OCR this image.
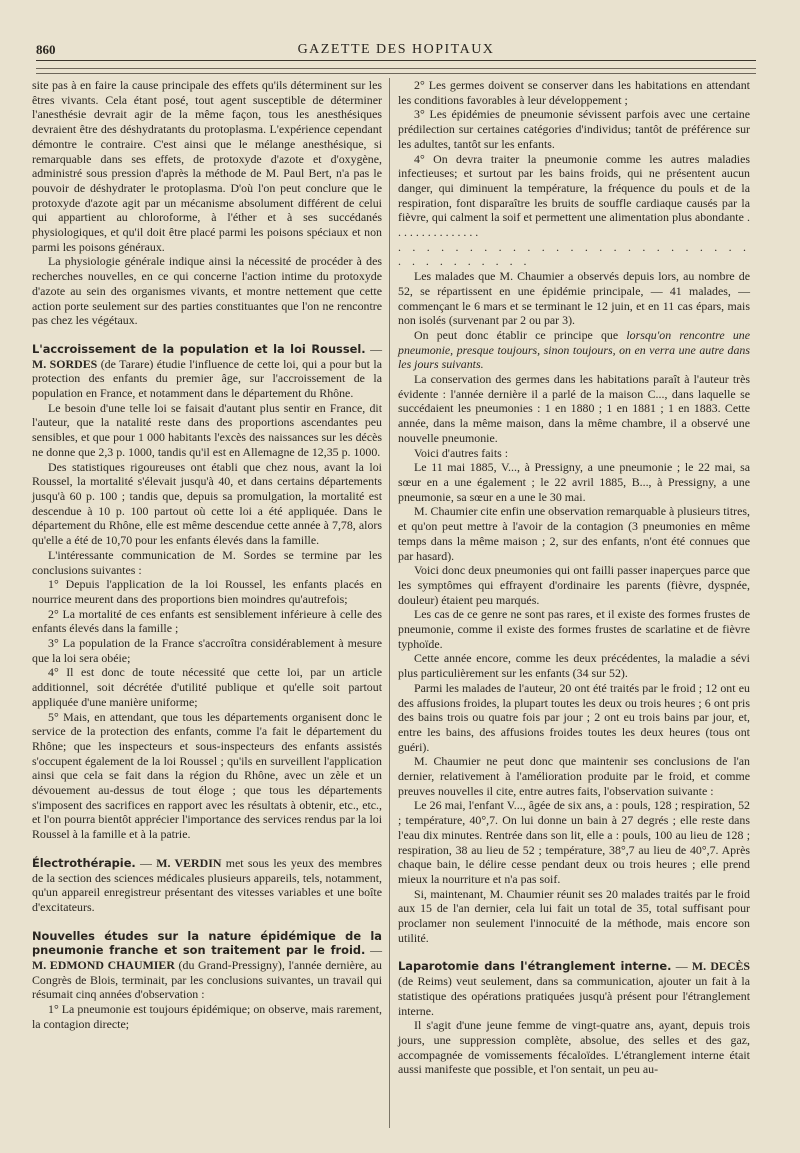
860	GAZETTE DES HOPITAUX

site pas à en faire la cause principale des effets qu'ils déterminent sur les êtres vivants. Cela étant posé, tout agent susceptible de déterminer l'anesthésie devrait agir de la même façon, tous les anesthésiques devraient être des déshydratants du protoplasma. L'expérience cependant démontre le contraire. C'est ainsi que le mélange anesthésique, si remarquable dans ses effets, de protoxyde d'azote et d'oxygène, administré sous pression d'après la méthode de M. Paul Bert, n'a pas le pouvoir de déshydrater le protoplasma. D'où l'on peut conclure que le protoxyde d'azote agit par un mécanisme absolument différent de celui qui appartient au chloroforme, à l'éther et à ses succédanés physiologiques, et qu'il doit être placé parmi les poisons spéciaux et non parmi les poisons généraux.

La physiologie générale indique ainsi la nécessité de procéder à des recherches nouvelles, en ce qui concerne l'action intime du protoxyde d'azote au sein des organismes vivants, et montre nettement que cette action porte seulement sur des parties constituantes que l'on ne rencontre pas chez les végétaux.

L'accroissement de la population et la loi Roussel. — M. SORDES (de Tarare) étudie l'influence de cette loi, qui a pour but la protection des enfants du premier âge, sur l'accroissement de la population en France, et notamment dans le département du Rhône.

Le besoin d'une telle loi se faisait d'autant plus sentir en France, dit l'auteur, que la natalité reste dans des proportions ascendantes peu sensibles, et que pour 1 000 habitants l'excès des naissances sur les décès ne donne que 2,3 p. 1000, tandis qu'il est en Allemagne de 12,35 p. 1000.

Des statistiques rigoureuses ont établi que chez nous, avant la loi Roussel, la mortalité s'élevait jusqu'à 40, et dans certains départements jusqu'à 60 p. 100 ; tandis que, depuis sa promulgation, la mortalité est descendue à 10 p. 100 partout où cette loi a été appliquée. Dans le département du Rhône, elle est même descendue cette année à 7,78, alors qu'elle a été de 10,70 pour les enfants élevés dans la famille.

L'intéressante communication de M. Sordes se termine par les conclusions suivantes :

1° Depuis l'application de la loi Roussel, les enfants placés en nourrice meurent dans des proportions bien moindres qu'autrefois;

2° La mortalité de ces enfants est sensiblement inférieure à celle des enfants élevés dans la famille ;

3° La population de la France s'accroîtra considérablement à mesure que la loi sera obéie;

4° Il est donc de toute nécessité que cette loi, par un article additionnel, soit décrétée d'utilité publique et qu'elle soit partout appliquée d'une manière uniforme;

5° Mais, en attendant, que tous les départements organisent donc le service de la protection des enfants, comme l'a fait le département du Rhône; que les inspecteurs et sous-inspecteurs des enfants assistés s'occupent également de la loi Roussel ; qu'ils en surveillent l'application ainsi que cela se fait dans la région du Rhône, avec un zèle et un dévouement au-dessus de tout éloge ; que tous les départements s'imposent des sacrifices en rapport avec les résultats à obtenir, etc., etc., et l'on pourra bientôt apprécier l'importance des services rendus par la loi Roussel à la famille et à la patrie.

Électrothérapie. — M. VERDIN met sous les yeux des membres de la section des sciences médicales plusieurs appareils, tels, notamment, qu'un appareil enregistreur présentant des vitesses variables et une boîte d'excitateurs.

Nouvelles études sur la nature épidémique de la pneumonie franche et son traitement par le froid. — M. EDMOND CHAUMIER (du Grand-Pressigny), l'année dernière, au Congrès de Blois, terminait, par les conclusions suivantes, un travail qui résumait cinq années d'observation :

1° La pneumonie est toujours épidémique; on observe, mais rarement, la contagion directe;

2° Les germes doivent se conserver dans les habitations en attendant les conditions favorables à leur développement ;

3° Les épidémies de pneumonie sévissent parfois avec une certaine prédilection sur certaines catégories d'individus; tantôt de préférence sur les adultes, tantôt sur les enfants.

4° On devra traiter la pneumonie comme les autres maladies infectieuses; et surtout par les bains froids, qui ne présentent aucun danger, qui diminuent la température, la fréquence du pouls et de la respiration, font disparaître les bruits de souffle cardiaque causés par la fièvre, qui calment la soif et permettent une alimentation plus abondante . . . . . . . . . . . . . . .

. . . . . . . . . . . . . . . . . . . . . . . . . . . . . . . . . . .

Les malades que M. Chaumier a observés depuis lors, au nombre de 52, se répartissent en une épidémie principale, — 41 malades, — commençant le 6 mars et se terminant le 12 juin, et en 11 cas épars, mais non isolés (survenant par 2 ou par 3).

On peut donc établir ce principe que lorsqu'on rencontre une pneumonie, presque toujours, sinon toujours, on en verra une autre dans les jours suivants.

La conservation des germes dans les habitations paraît à l'auteur très évidente : l'année dernière il a parlé de la maison C..., dans laquelle se succédaient les pneumonies : 1 en 1880 ; 1 en 1881 ; 1 en 1883. Cette année, dans la même maison, dans la même chambre, il a observé une nouvelle pneumonie.

Voici d'autres faits :

Le 11 mai 1885, V..., à Pressigny, a une pneumonie ; le 22 mai, sa sœur en a une également ; le 22 avril 1885, B..., à Pressigny, a une pneumonie, sa sœur en a une le 30 mai.

M. Chaumier cite enfin une observation remarquable à plusieurs titres, et qu'on peut mettre à l'avoir de la contagion (3 pneumonies en même temps dans la même maison ; 2, sur des enfants, n'ont été connues que par hasard).

Voici donc deux pneumonies qui ont failli passer inaperçues parce que les symptômes qui effrayent d'ordinaire les parents (fièvre, dyspnée, douleur) étaient peu marqués.

Les cas de ce genre ne sont pas rares, et il existe des formes frustes de pneumonie, comme il existe des formes frustes de scarlatine et de fièvre typhoïde.

Cette année encore, comme les deux précédentes, la maladie a sévi plus particulièrement sur les enfants (34 sur 52).

Parmi les malades de l'auteur, 20 ont été traités par le froid ; 12 ont eu des affusions froides, la plupart toutes les deux ou trois heures ; 6 ont pris des bains trois ou quatre fois par jour ; 2 ont eu trois bains par jour, et, entre les bains, des affusions froides toutes les deux heures (tous ont guéri).

M. Chaumier ne peut donc que maintenir ses conclusions de l'an dernier, relativement à l'amélioration produite par le froid, et comme preuves nouvelles il cite, entre autres faits, l'observation suivante :

Le 26 mai, l'enfant V..., âgée de six ans, a : pouls, 128 ; respiration, 52 ; température, 40°,7. On lui donne un bain à 27 degrés ; elle reste dans l'eau dix minutes. Rentrée dans son lit, elle a : pouls, 100 au lieu de 128 ; respiration, 38 au lieu de 52 ; température, 38°,7 au lieu de 40°,7. Après chaque bain, le délire cesse pendant deux ou trois heures ; elle prend mieux la nourriture et n'a pas soif.

Si, maintenant, M. Chaumier réunit ses 20 malades traités par le froid aux 15 de l'an dernier, cela lui fait un total de 35, total suffisant pour proclamer non seulement l'innocuité de la méthode, mais encore son utilité.

Laparotomie dans l'étranglement interne. — M. DECÈS (de Reims) veut seulement, dans sa communication, ajouter un fait à la statistique des opérations pratiquées jusqu'à présent pour l'étranglement interne.

Il s'agit d'une jeune femme de vingt-quatre ans, ayant, depuis trois jours, une suppression complète, absolue, des selles et des gaz, accompagnée de vomissements fécaloïdes. L'étranglement interne était aussi manifeste que possible, et l'on sentait, un peu au-
